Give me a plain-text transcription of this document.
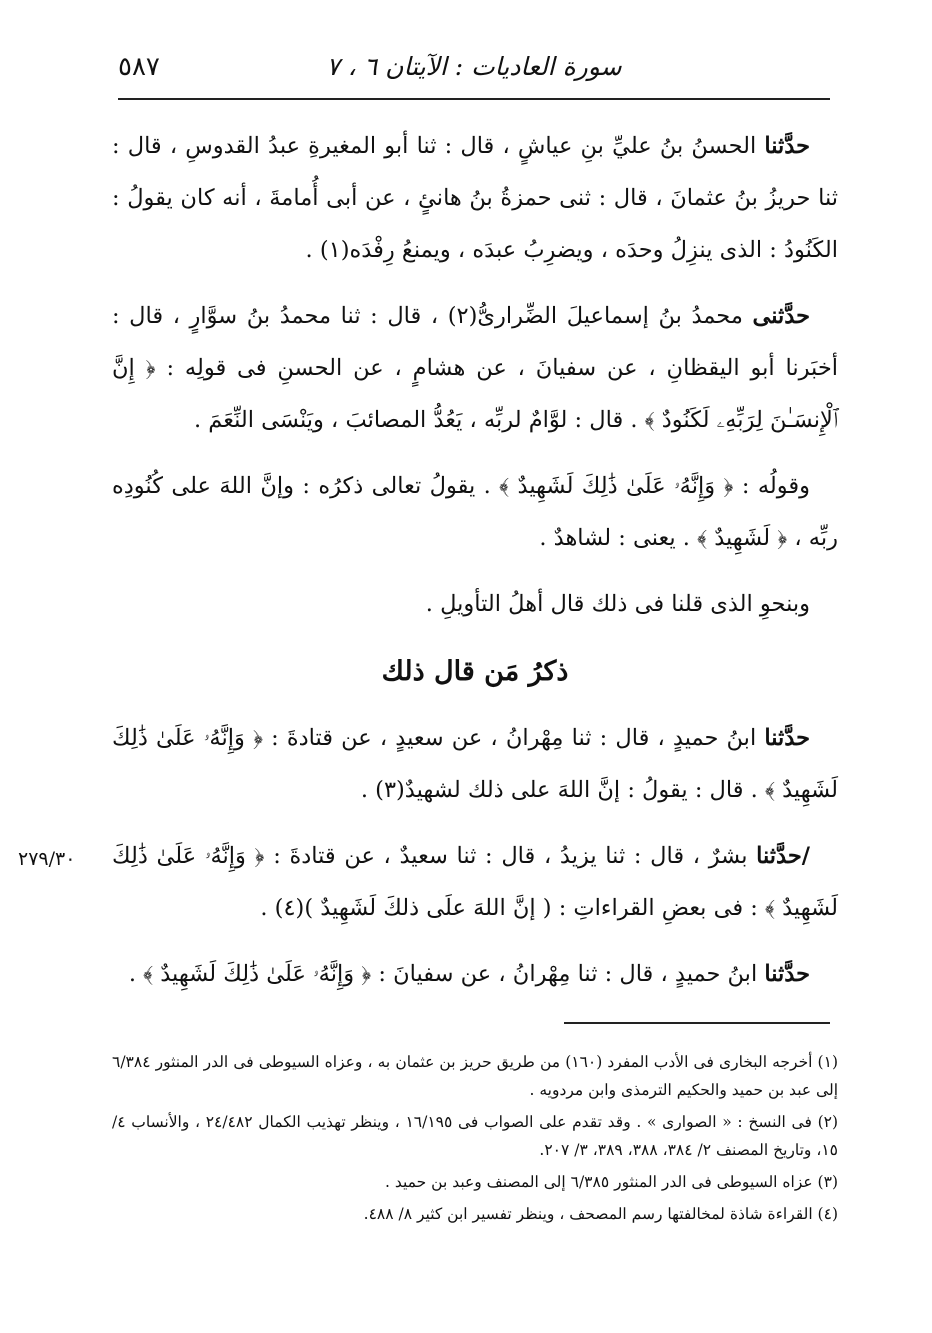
٥٨٧	سورة العاديات : الآيتان ٦ ، ٧
٢٧٩/٣٠

حدَّثنا الحسنُ بنُ عليِّ بنِ عياشٍ ، قال : ثنا أبو المغيرةِ عبدُ القدوسِ ، قال : ثنا حريزُ بنُ عثمانَ ، قال : ثنى حمزةُ بنُ هانئٍ ، عن أبى أُمامةَ ، أنه كان يقولُ : الكَنُودُ : الذى ينزِلُ وحدَه ، ويضرِبُ عبدَه ، ويمنعُ رِفْدَه(١) .

حدَّثنى محمدُ بنُ إسماعيلَ الضِّرارىُّ(٢) ، قال : ثنا محمدُ بنُ سوَّارٍ ، قال : أخبَرنا أبو اليقظانِ ، عن سفيانَ ، عن هشامٍ ، عن الحسنِ فى قولِه : ﴿ إِنَّ ٱلْإِنسَـٰنَ لِرَبِّهِۦ لَكَنُودٌ ﴾ . قال : لوَّامٌ لربِّه ، يَعُدُّ المصائبَ ، ويَنْسَى النِّعَمَ .

وقولُه : ﴿ وَإِنَّهُۥ عَلَىٰ ذَٰلِكَ لَشَهِيدٌ ﴾ . يقولُ تعالى ذكرُه : وإنَّ اللهَ على كُنُودِه ربِّه ، ﴿ لَشَهِيدٌ ﴾ . يعنى : لشاهدٌ .

وبنحوِ الذى قلنا فى ذلك قال أهلُ التأويلِ .

ذكرُ مَن قال ذلك

حدَّثنا ابنُ حميدٍ ، قال : ثنا مِهْرانُ ، عن سعيدٍ ، عن قتادةَ : ﴿ وَإِنَّهُۥ عَلَىٰ ذَٰلِكَ لَشَهِيدٌ ﴾ . قال : يقولُ : إنَّ اللهَ على ذلك لشهيدٌ(٣) .

/حدَّثنا بشرٌ ، قال : ثنا يزيدُ ، قال : ثنا سعيدٌ ، عن قتادةَ : ﴿ وَإِنَّهُۥ عَلَىٰ ذَٰلِكَ لَشَهِيدٌ ﴾ : فى بعضِ القراءاتِ : ( إنَّ اللهَ علَى ذلكَ لَشَهِيدٌ )(٤) .

حدَّثنا ابنُ حميدٍ ، قال : ثنا مِهْرانُ ، عن سفيانَ : ﴿ وَإِنَّهُۥ عَلَىٰ ذَٰلِكَ لَشَهِيدٌ ﴾ .

(١) أخرجه البخارى فى الأدب المفرد (١٦٠) من طريق حريز بن عثمان به ، وعزاه السيوطى فى الدر المنثور ٦/٣٨٤ إلى عبد بن حميد والحكيم الترمذى وابن مردويه .

(٢) فى النسخ : « الصوارى » . وقد تقدم على الصواب فى ١٦/١٩٥ ، وينظر تهذيب الكمال ٢٤/٤٨٢ ، والأنساب ٤/ ١٥، وتاريخ المصنف ٢/ ٣٨٤، ٣٨٨، ٣٨٩، ٣/ ٢٠٧.

(٣) عزاه السيوطى فى الدر المنثور ٦/٣٨٥ إلى المصنف وعبد بن حميد .

(٤) القراءة شاذة لمخالفتها رسم المصحف ، وينظر تفسير ابن كثير ٨/ ٤٨٨.
